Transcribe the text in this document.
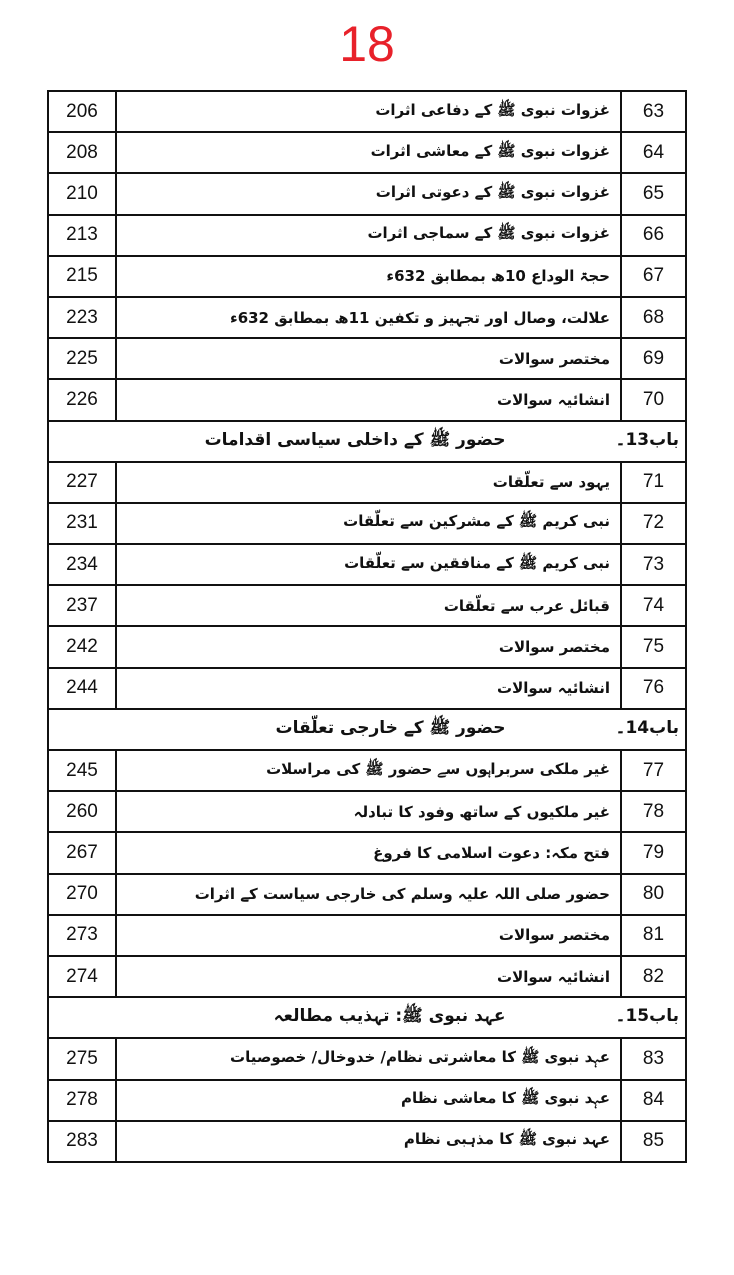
18
206	غزوات نبوی ﷺ کے دفاعی اثرات	63
208	غزوات نبوی ﷺ کے معاشی اثرات	64
210	غزوات نبوی ﷺ کے دعوتی اثرات	65
213	غزوات نبوی ﷺ کے سماجی اثرات	66
215	حجۃ الوداع 10ھ بمطابق 632ء	67
223	علالت، وصال اور تجہیز و تکفین 11ھ بمطابق 632ء	68
225	مختصر سوالات	69
226	انشائیہ سوالات	70
باب13۔حضور ﷺ کے داخلی سیاسی اقدامات		
227	یہود سے تعلّقات	71
231	نبی کریم ﷺ کے مشرکین سے تعلّقات	72
234	نبی کریم ﷺ کے منافقین سے تعلّقات	73
237	قبائل عرب سے تعلّقات	74
242	مختصر سوالات	75
244	انشائیہ سوالات	76
باب14۔حضور ﷺ کے خارجی تعلّقات		
245	غیر ملکی سربراہوں سے حضور ﷺ کی مراسلات	77
260	غیر ملکیوں کے ساتھ وفود کا تبادلہ	78
267	فتح مکہ: دعوت اسلامی کا فروغ	79
270	حضور صلی اللہ علیہ وسلم کی خارجی سیاست کے اثرات	80
273	مختصر سوالات	81
274	انشائیہ سوالات	82
باب15۔عہد نبوی ﷺ: تہذیب مطالعہ		
275	عہد نبوی ﷺ کا معاشرتی نظام/ خدوخال/ خصوصیات	83
278	عہد نبوی ﷺ کا معاشی نظام	84
283	عہد نبوی ﷺ کا مذہبی نظام	85
